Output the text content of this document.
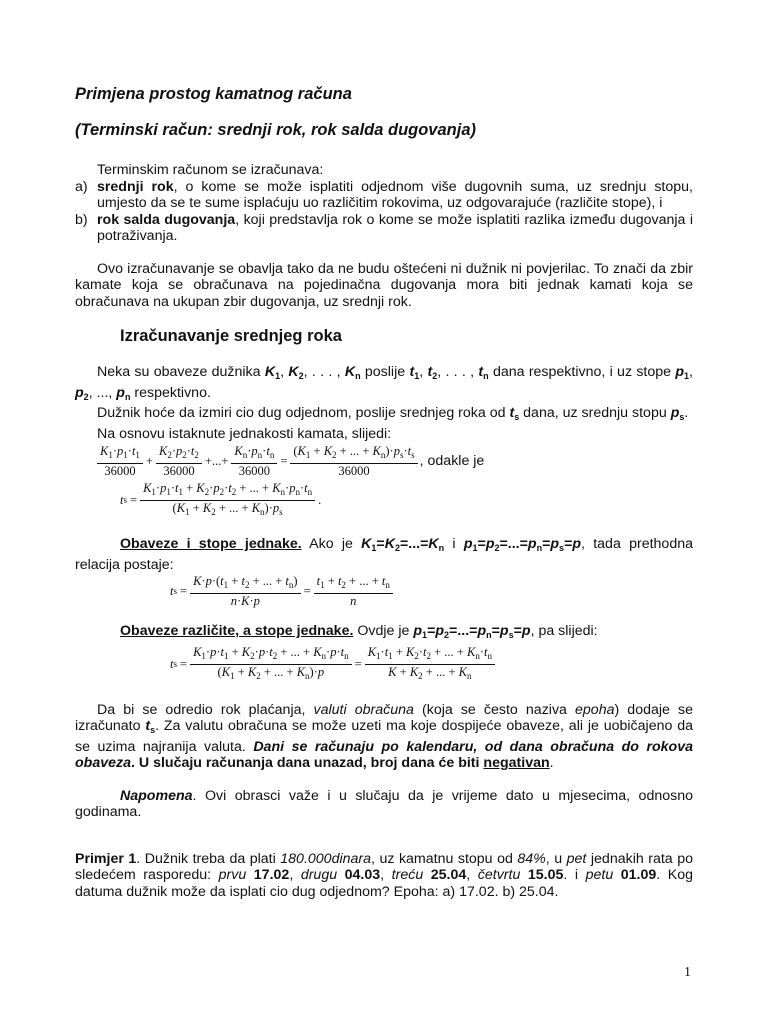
Primjena prostog kamatnog računa
(Terminski račun: srednji rok, rok salda dugovanja)

Terminskim računom se izračunava:

a) srednji rok, o kome se može isplatiti odjednom više dugovnih suma, uz srednju stopu, umjesto da se te sume isplaćuju uo različitim rokovima, uz odgovarajuće (različite stope), i
b) rok salda dugovanja, koji predstavlja rok o kome se može isplatiti razlika između dugovanja i potraživanja.

Ovo izračunavanje se obavlja tako da ne budu oštećeni ni dužnik ni povjerilac. To znači da zbir kamate koja se obračunava na pojedinačna dugovanja mora biti jednak kamati koja se obračunava na ukupan zbir dugovanja, uz srednji rok.

Izračunavanje srednjeg roka

Neka su obaveze dužnika $K_1$, $K_2$, . . . , $K_n$ poslije $t_1$, $t_2$, . . . , $t_n$ dana respektivno, i uz stope $p_1$, $p_2$, ..., $p_n$ respektivno.

Dužnik hoće da izmiri cio dug odjednom, poslije srednjeg roka od $t_s$ dana, uz srednju stopu $p_s$.

Na osnovu istaknute jednakosti kamata, slijedi:

$\frac{K_1\cdot p_1\cdot t_1}{36000} + \frac{K_2\cdot p_2\cdot t_2}{36000}$ +...+ $\frac{K_n\cdot p_n\cdot t_n}{36000} = \frac{(K_1 + K_2 + ... + K_n)\cdot p_s\cdot t_s}{36000}$ , odakle je
t $s = \frac{K_1\cdot p_1\cdot t_1 + K_2\cdot p_2\cdot t_2 + ... + K_n\cdot p_n\cdot t_n}{(K_1 + K_2 + ... + K_n)\cdot p_s}$ .

Obaveze i stope jednake. Ako je $K_1=K_2=...=K_n$ i $p_1=p_2=...=p_n=p_s=p$, tada prethodna relacija postaje:

t $s = \frac{K\cdot p\cdot(t_1 + t_2 + ... + t_n)}{n\cdot K\cdot p} = \frac{t_1 + t_2 + ... + t_n}{n}$

Obaveze različite, a stope jednake. Ovdje je $p_1=p_2=...=p_n=p_s=p$, pa slijedi:

t $s = \frac{K_1\cdot p\cdot t_1 + K_2\cdot p\cdot t_2 + ... + K_n\cdot p\cdot t_n}{(K_1 + K_2 + ... + K_n)\cdot p} = \frac{K_1\cdot t_1 + K_2\cdot t_2 + ... + K_n\cdot t_n}{K + K_2 + ... + K_n}$

Da bi se odredio rok plaćanja, valuti obračuna (koja se često naziva epoha) dodaje se izračunato $t_s$. Za valutu obračuna se može uzeti ma koje dospijeće obaveze, ali je uobičajeno da se uzima najranija valuta. Dani se računaju po kalendaru, od dana obračuna do rokova obaveza. U slučaju računanja dana unazad, broj dana će biti negativan.

Napomena. Ovi obrasci važe i u slučaju da je vrijeme dato u mjesecima, odnosno godinama.

Primjer 1. Dužnik treba da plati 180.000dinara, uz kamatnu stopu od 84%, u pet jednakih rata po sledećem rasporedu: prvu 17.02, drugu 04.03, treću 25.04, četvrtu 15.05. i petu 01.09. Kog datuma dužnik može da isplati cio dug odjednom? Epoha: a) 17.02. b) 25.04.

1
